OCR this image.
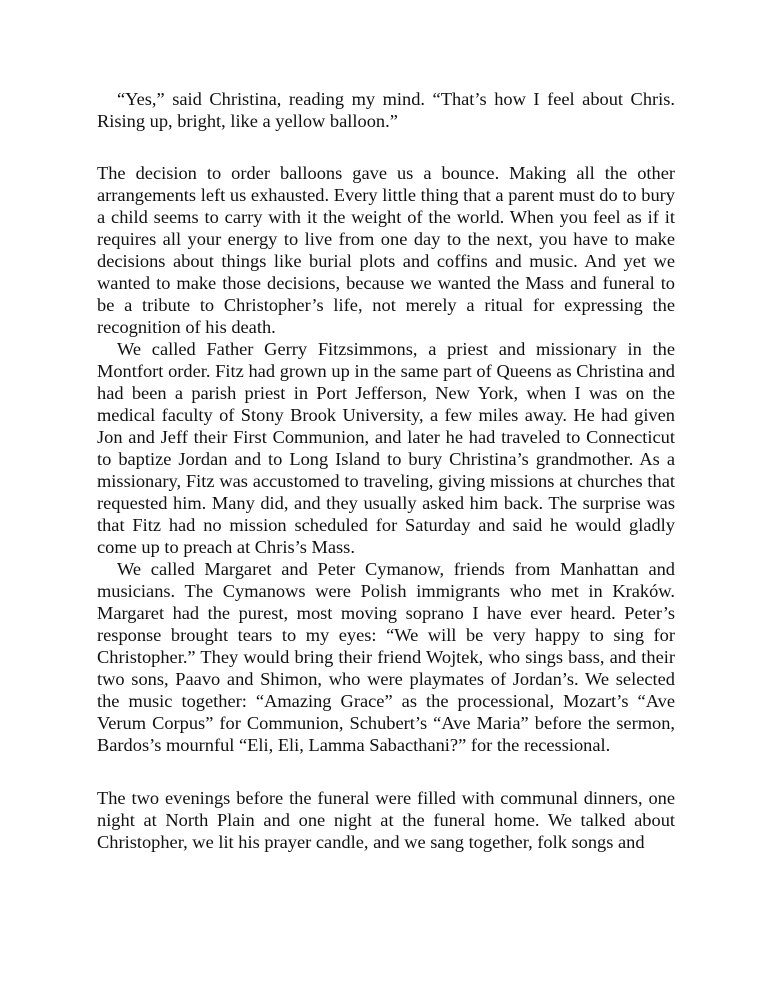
“Yes,” said Christina, reading my mind. “That’s how I feel about Chris. Rising up, bright, like a yellow balloon.”

The decision to order balloons gave us a bounce. Making all the other arrangements left us exhausted. Every little thing that a parent must do to bury a child seems to carry with it the weight of the world. When you feel as if it requires all your energy to live from one day to the next, you have to make decisions about things like burial plots and coffins and music. And yet we wanted to make those decisions, because we wanted the Mass and funeral to be a tribute to Christopher’s life, not merely a ritual for expressing the recognition of his death.

We called Father Gerry Fitzsimmons, a priest and missionary in the Montfort order. Fitz had grown up in the same part of Queens as Christina and had been a parish priest in Port Jefferson, New York, when I was on the medical faculty of Stony Brook University, a few miles away. He had given Jon and Jeff their First Communion, and later he had traveled to Connecticut to baptize Jordan and to Long Island to bury Christina’s grandmother. As a missionary, Fitz was accustomed to traveling, giving missions at churches that requested him. Many did, and they usually asked him back. The surprise was that Fitz had no mission scheduled for Saturday and said he would gladly come up to preach at Chris’s Mass.

We called Margaret and Peter Cymanow, friends from Manhattan and musicians. The Cymanows were Polish immigrants who met in Kraków. Margaret had the purest, most moving soprano I have ever heard. Peter’s response brought tears to my eyes: “We will be very happy to sing for Christopher.” They would bring their friend Wojtek, who sings bass, and their two sons, Paavo and Shimon, who were playmates of Jordan’s. We selected the music together: “Amazing Grace” as the processional, Mozart’s “Ave Verum Corpus” for Communion, Schubert’s “Ave Maria” before the sermon, Bardos’s mournful “Eli, Eli, Lamma Sabacthani?” for the recessional.

The two evenings before the funeral were filled with communal dinners, one night at North Plain and one night at the funeral home. We talked about Christopher, we lit his prayer candle, and we sang together, folk songs and
